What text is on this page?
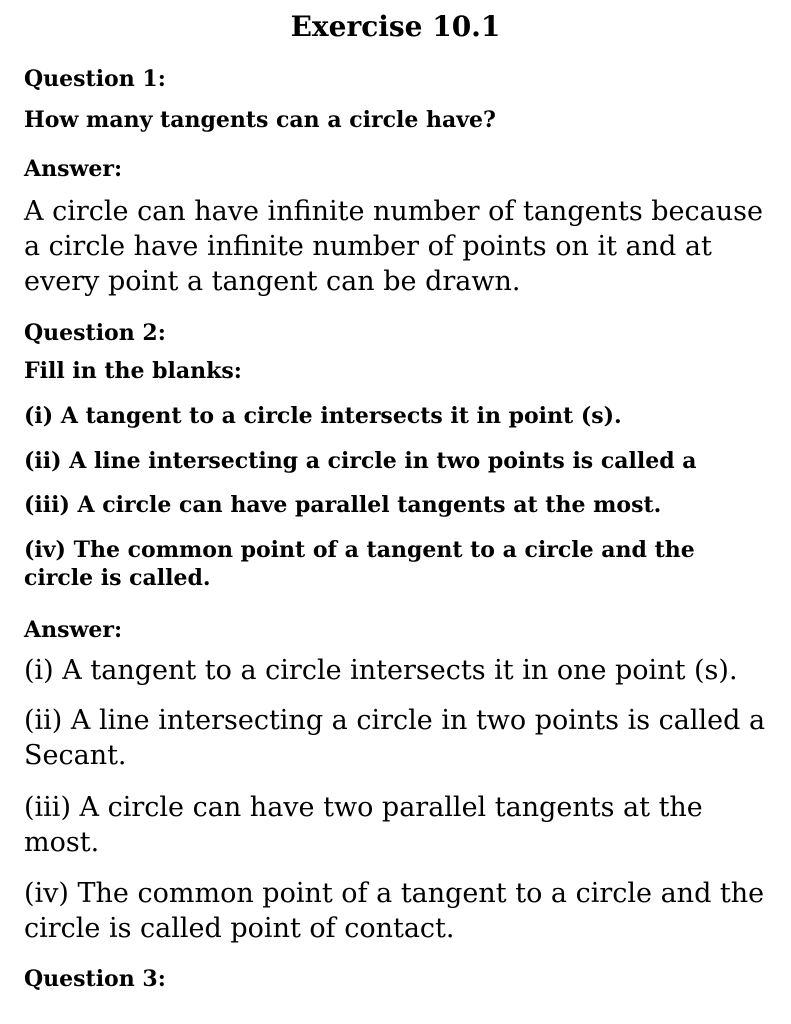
Exercise 10.1
Question 1:
How many tangents can a circle have?
Answer:
A circle can have infinite number of tangents because a circle have infinite number of points on it and at every point a tangent can be drawn.
Question 2:
Fill in the blanks:
(i) A tangent to a circle intersects it in point (s).
(ii) A line intersecting a circle in two points is called a
(iii) A circle can have parallel tangents at the most.
(iv) The common point of a tangent to a circle and the circle is called.
Answer:
(i) A tangent to a circle intersects it in one point (s).
(ii) A line intersecting a circle in two points is called a Secant.
(iii) A circle can have two parallel tangents at the most.
(iv) The common point of a tangent to a circle and the circle is called point of contact.
Question 3:
